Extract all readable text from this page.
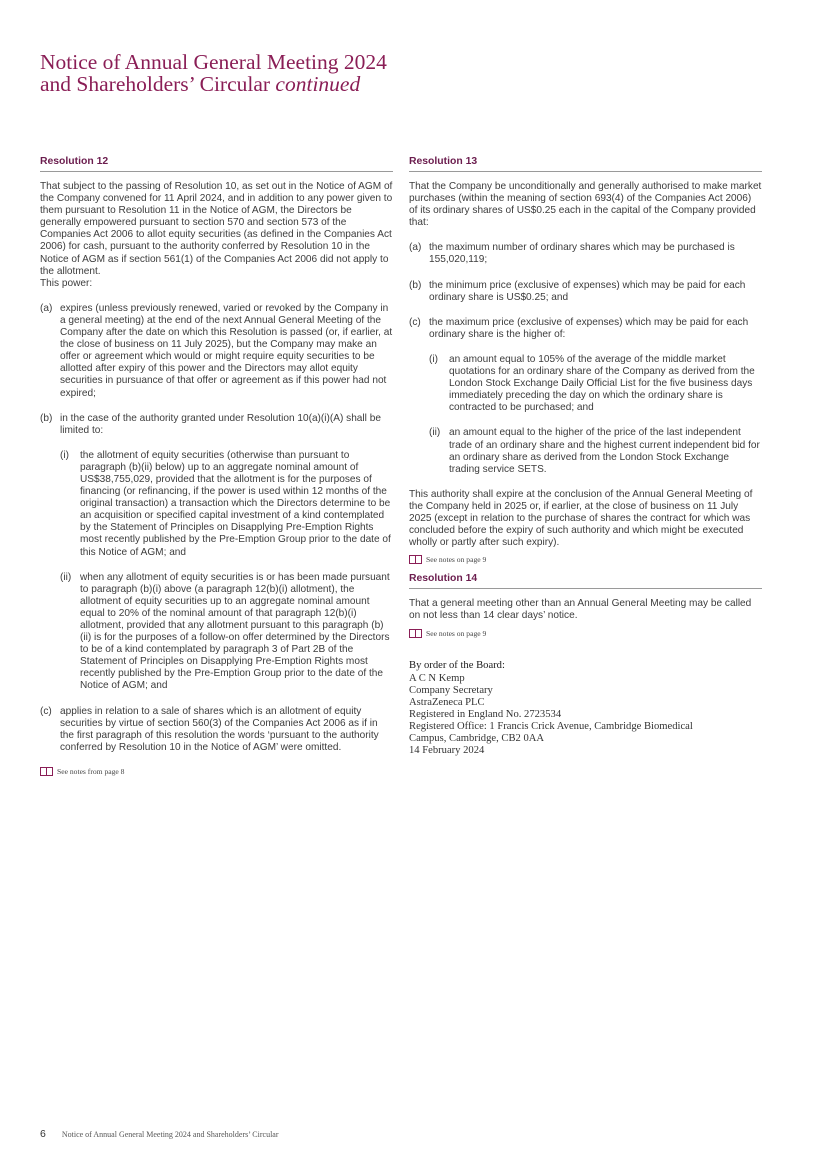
Notice of Annual General Meeting 2024
and Shareholders’ Circular continued
Resolution 12

That subject to the passing of Resolution 10, as set out in the Notice of AGM of the Company convened for 11 April 2024, and in addition to any power given to them pursuant to Resolution 11 in the Notice of AGM, the Directors be generally empowered pursuant to section 570 and section 573 of the Companies Act 2006 to allot equity securities (as defined in the Companies Act 2006) for cash, pursuant to the authority conferred by Resolution 10 in the Notice of AGM as if section 561(1) of the Companies Act 2006 did not apply to the allotment.

This power:

(a) expires (unless previously renewed, varied or revoked by the Company in a general meeting) at the end of the next Annual General Meeting of the Company after the date on which this Resolution is passed (or, if earlier, at the close of business on 11 July 2025), but the Company may make an offer or agreement which would or might require equity securities to be allotted after expiry of this power and the Directors may allot equity securities in pursuance of that offer or agreement as if this power had not expired;
(b) in the case of the authority granted under Resolution 10(a)(i)(A) shall be limited to:
(i)	the allotment of equity securities (otherwise than pursuant to paragraph (b)(ii) below) up to an aggregate nominal amount of US$38,755,029, provided that the allotment is for the purposes of financing (or refinancing, if the power is used within 12 months of the original transaction) a transaction which the Directors determine to be an acquisition or specified capital investment of a kind contemplated by the Statement of Principles on Disapplying Pre-Emption Rights most recently published by the Pre-Emption Group prior to the date of this Notice of AGM; and
(ii) when any allotment of equity securities is or has been made pursuant to paragraph (b)(i) above (a paragraph 12(b)(i) allotment), the allotment of equity securities up to an aggregate nominal amount equal to 20% of the nominal amount of that paragraph 12(b)(i) allotment, provided that any allotment pursuant to this paragraph (b)(ii) is for the purposes of a follow-on offer determined by the Directors to be of a kind contemplated by paragraph 3 of Part 2B of the Statement of Principles on Disapplying Pre-Emption Rights most recently published by the Pre-Emption Group prior to the date of the Notice of AGM; and
(c) applies in relation to a sale of shares which is an allotment of equity securities by virtue of section 560(3) of the Companies Act 2006 as if in the first paragraph of this resolution the words ‘pursuant to the authority conferred by Resolution 10 in the Notice of AGM’ were omitted.
See notes from page 8
Resolution 13

That the Company be unconditionally and generally authorised to make market purchases (within the meaning of section 693(4) of the Companies Act 2006) of its ordinary shares of US$0.25 each in the capital of the Company provided that:

(a) the maximum number of ordinary shares which may be purchased is 155,020,119;
(b) the minimum price (exclusive of expenses) which may be paid for each ordinary share is US$0.25; and
(c) the maximum price (exclusive of expenses) which may be paid for each ordinary share is the higher of:
(i)	an amount equal to 105% of the average of the middle market quotations for an ordinary share of the Company as derived from the London Stock Exchange Daily Official List for the five business days immediately preceding the day on which the ordinary share is contracted to be purchased; and
(ii) an amount equal to the higher of the price of the last independent trade of an ordinary share and the highest current independent bid for an ordinary share as derived from the London Stock Exchange trading service SETS.

This authority shall expire at the conclusion of the Annual General Meeting of the Company held in 2025 or, if earlier, at the close of business on 11 July 2025 (except in relation to the purchase of shares the contract for which was concluded before the expiry of such authority and which might be executed wholly or partly after such expiry).

See notes on page 9
Resolution 14

That a general meeting other than an Annual General Meeting may be called on not less than 14 clear days’ notice.

See notes on page 9
By order of the Board:
A C N Kemp
Company Secretary
AstraZeneca PLC
Registered in England No. 2723534
Registered Office: 1 Francis Crick Avenue, Cambridge Biomedical
Campus, Cambridge, CB2 0AA
14 February 2024
6 Notice of Annual General Meeting 2024 and Shareholders’ Circular
